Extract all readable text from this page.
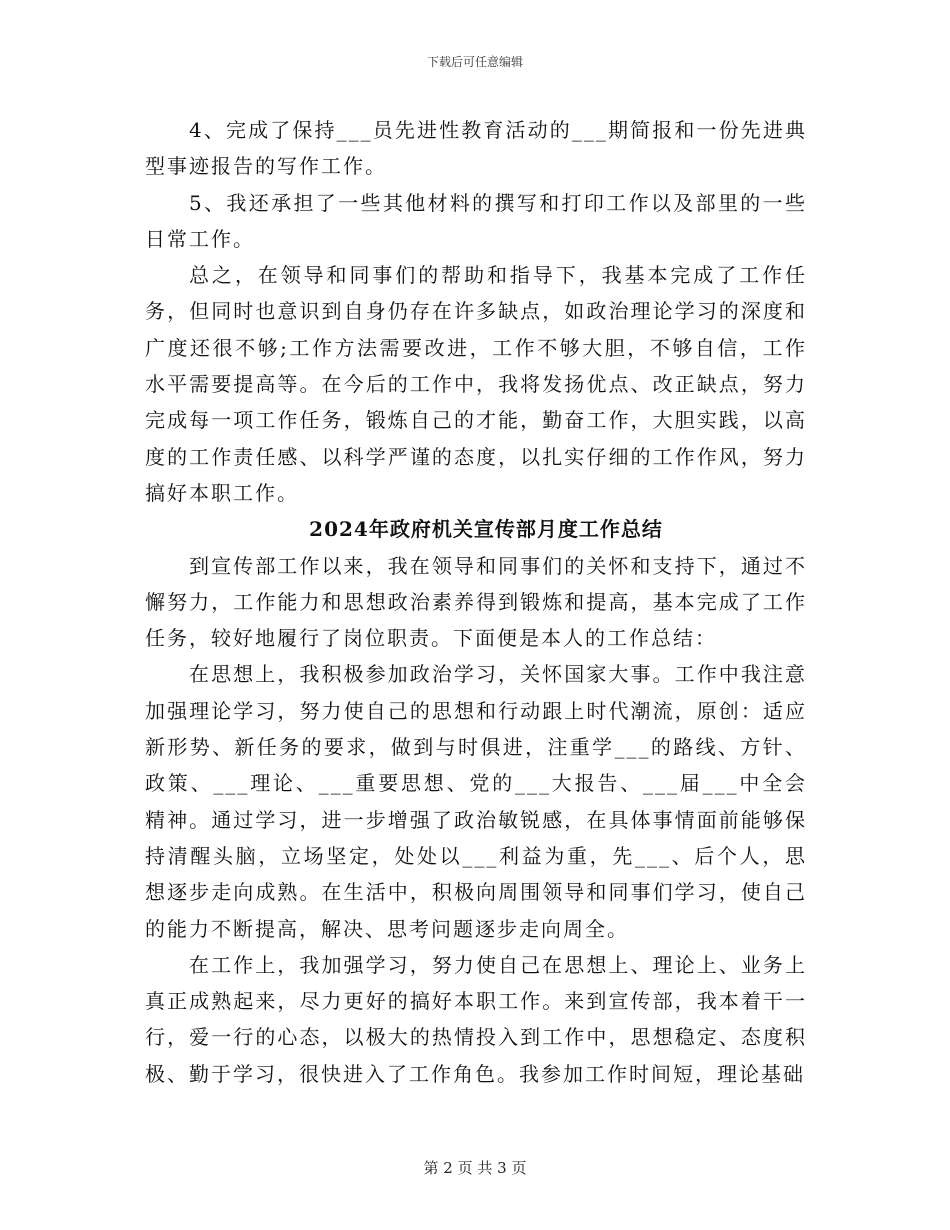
下载后可任意编辑

4、完成了保持___员先进性教育活动的___期简报和一份先进典型事迹报告的写作工作。

5、我还承担了一些其他材料的撰写和打印工作以及部里的一些日常工作。

总之，在领导和同事们的帮助和指导下，我基本完成了工作任务，但同时也意识到自身仍存在许多缺点，如政治理论学习的深度和广度还很不够;工作方法需要改进，工作不够大胆，不够自信，工作水平需要提高等。在今后的工作中，我将发扬优点、改正缺点，努力完成每一项工作任务，锻炼自己的才能，勤奋工作，大胆实践，以高度的工作责任感、以科学严谨的态度，以扎实仔细的工作作风，努力搞好本职工作。

2024年政府机关宣传部月度工作总结

到宣传部工作以来，我在领导和同事们的关怀和支持下，通过不懈努力，工作能力和思想政治素养得到锻炼和提高，基本完成了工作任务，较好地履行了岗位职责。下面便是本人的工作总结：

在思想上，我积极参加政治学习，关怀国家大事。工作中我注意加强理论学习，努力使自己的思想和行动跟上时代潮流，原创：适应新形势、新任务的要求，做到与时俱进，注重学___的路线、方针、政策、___理论、___重要思想、党的___大报告、___届___中全会精神。通过学习，进一步增强了政治敏锐感，在具体事情面前能够保持清醒头脑，立场坚定，处处以___利益为重，先___、后个人，思想逐步走向成熟。在生活中，积极向周围领导和同事们学习，使自己的能力不断提高，解决、思考问题逐步走向周全。

在工作上，我加强学习，努力使自己在思想上、理论上、业务上真正成熟起来，尽力更好的搞好本职工作。来到宣传部，我本着干一行，爱一行的心态，以极大的热情投入到工作中，思想稳定、态度积极、勤于学习，很快进入了工作角色。我参加工作时间短，理论基础

第 2 页 共 3 页
